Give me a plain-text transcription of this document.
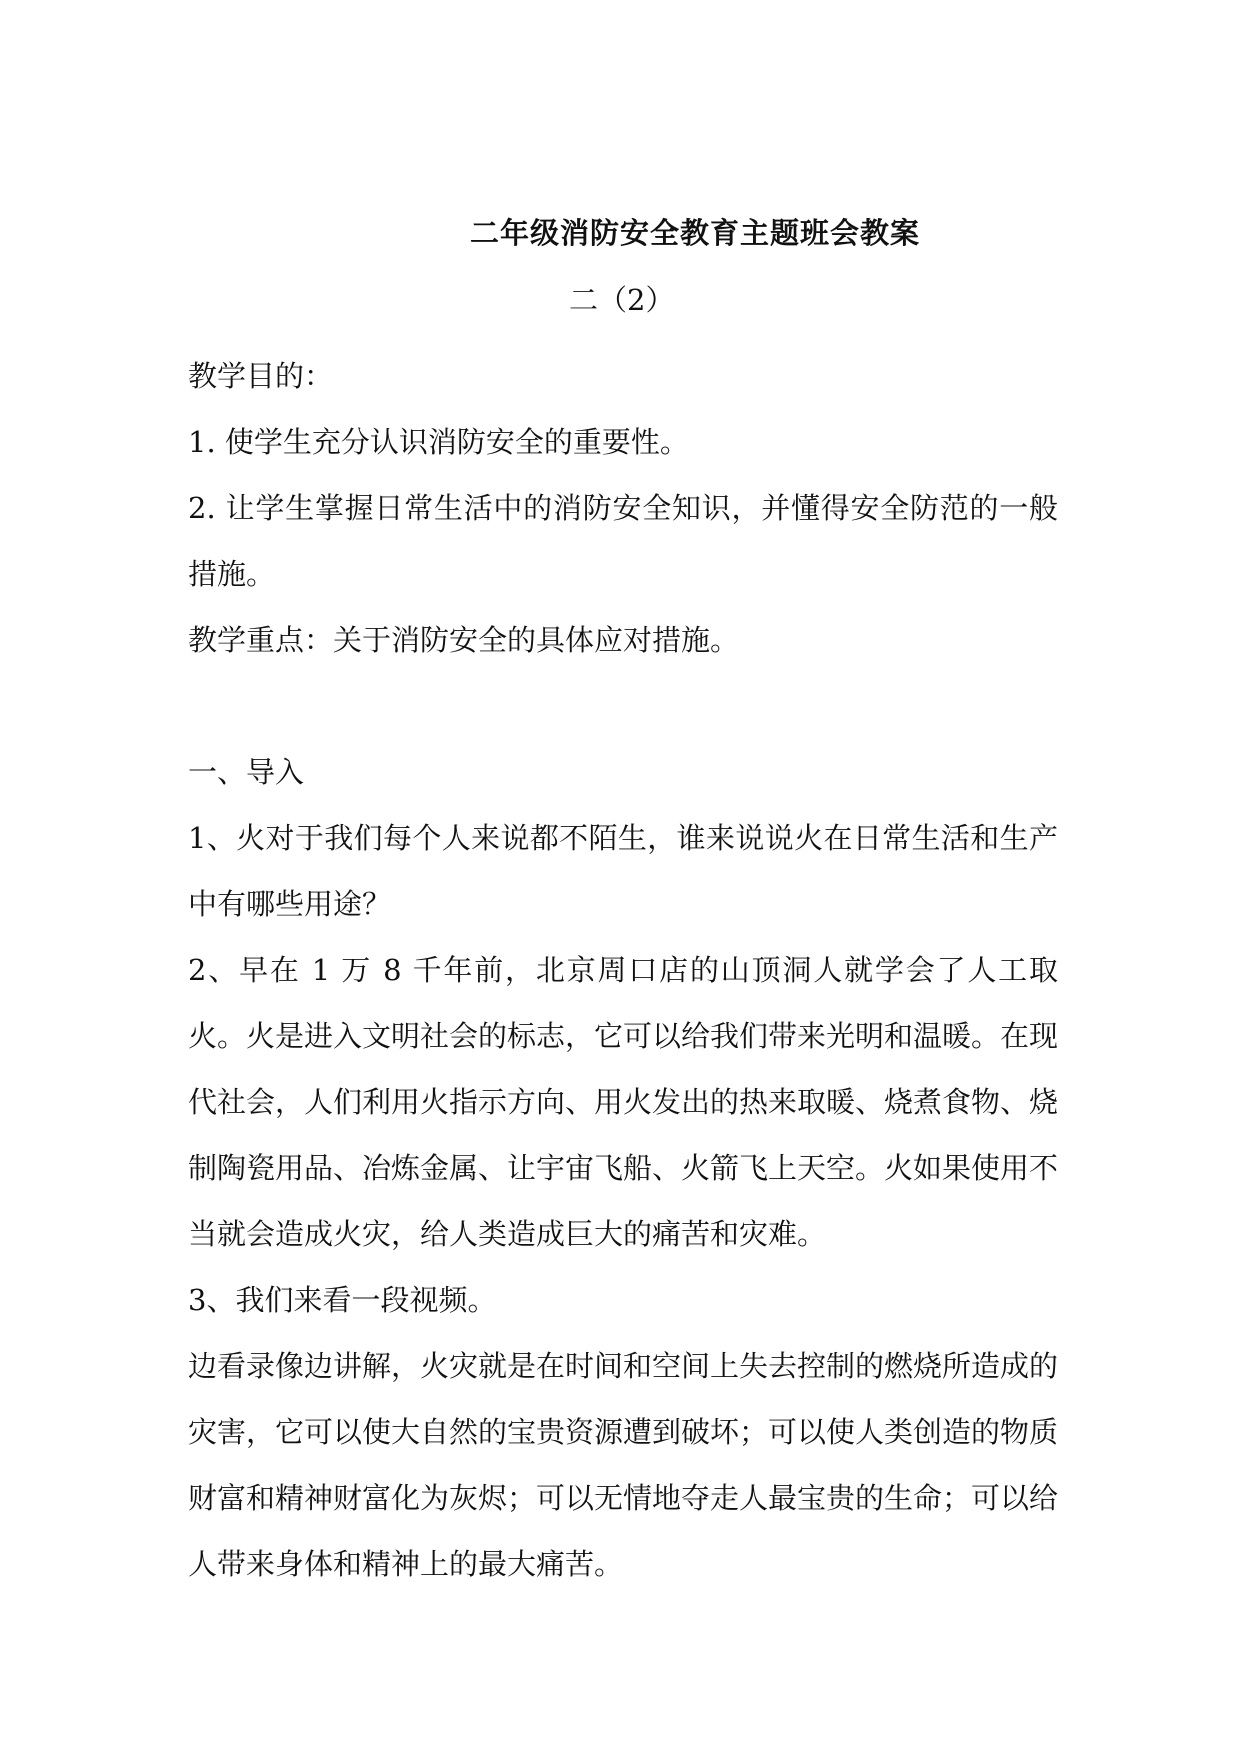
二年级消防安全教育主题班会教案
二（2）

教学目的：

1. 使学生充分认识消防安全的重要性。

2. 让学生掌握日常生活中的消防安全知识，并懂得安全防范的一般措施。

教学重点：关于消防安全的具体应对措施。

一、导入

1、火对于我们每个人来说都不陌生，谁来说说火在日常生活和生产中有哪些用途？

2、早在 1 万 8 千年前，北京周口店的山顶洞人就学会了人工取火。火是进入文明社会的标志，它可以给我们带来光明和温暖。在现代社会，人们利用火指示方向、用火发出的热来取暖、烧煮食物、烧制陶瓷用品、冶炼金属、让宇宙飞船、火箭飞上天空。火如果使用不当就会造成火灾，给人类造成巨大的痛苦和灾难。

3、我们来看一段视频。

边看录像边讲解，火灾就是在时间和空间上失去控制的燃烧所造成的灾害，它可以使大自然的宝贵资源遭到破坏；可以使人类创造的物质财富和精神财富化为灰烬；可以无情地夺走人最宝贵的生命；可以给人带来身体和精神上的最大痛苦。
